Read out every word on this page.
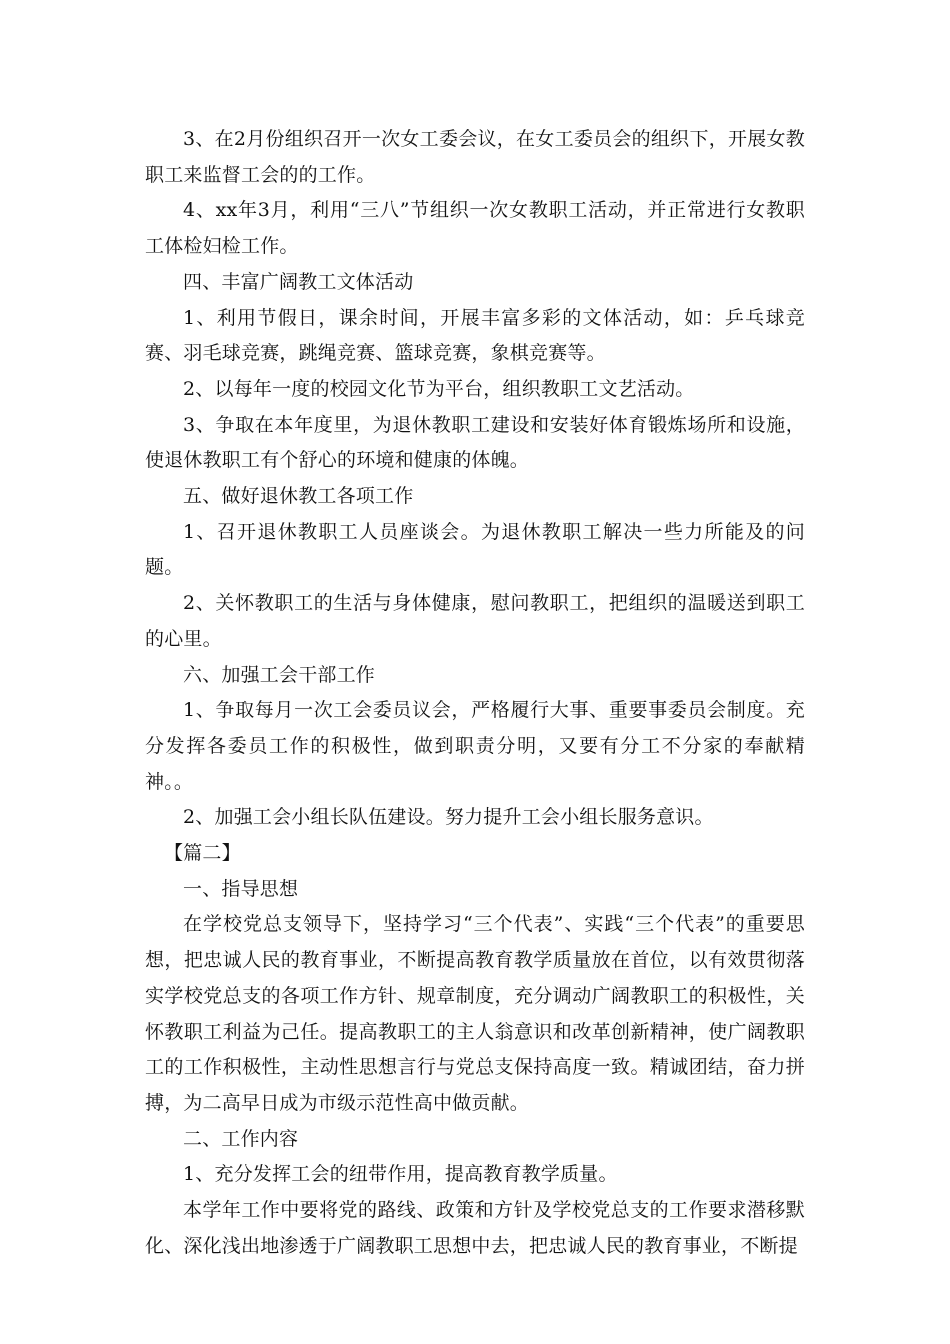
3、在2月份组织召开一次女工委会议，在女工委员会的组织下，开展女教职工来监督工会的的工作。

4、xx年3月，利用“三八”节组织一次女教职工活动，并正常进行女教职工体检妇检工作。

四、丰富广阔教工文体活动

1、利用节假日，课余时间，开展丰富多彩的文体活动，如：乒乓球竞赛、羽毛球竞赛，跳绳竞赛、篮球竞赛，象棋竞赛等。

2、以每年一度的校园文化节为平台，组织教职工文艺活动。

3、争取在本年度里，为退休教职工建设和安装好体育锻炼场所和设施，使退休教职工有个舒心的环境和健康的体魄。

五、做好退休教工各项工作

1、召开退休教职工人员座谈会。为退休教职工解决一些力所能及的问题。

2、关怀教职工的生活与身体健康，慰问教职工，把组织的温暖送到职工的心里。

六、加强工会干部工作

1、争取每月一次工会委员议会，严格履行大事、重要事委员会制度。充分发挥各委员工作的积极性，做到职责分明，又要有分工不分家的奉献精神。。

2、加强工会小组长队伍建设。努力提升工会小组长服务意识。

【篇二】

一、指导思想

在学校党总支领导下，坚持学习“三个代表”、实践“三个代表”的重要思想，把忠诚人民的教育事业，不断提高教育教学质量放在首位，以有效贯彻落实学校党总支的各项工作方针、规章制度，充分调动广阔教职工的积极性，关怀教职工利益为己任。提高教职工的主人翁意识和改革创新精神，使广阔教职工的工作积极性，主动性思想言行与党总支保持高度一致。精诚团结，奋力拼搏，为二高早日成为市级示范性高中做贡献。

二、工作内容

1、充分发挥工会的纽带作用，提高教育教学质量。

本学年工作中要将党的路线、政策和方针及学校党总支的工作要求潜移默化、深化浅出地渗透于广阔教职工思想中去，把忠诚人民的教育事业，不断提
